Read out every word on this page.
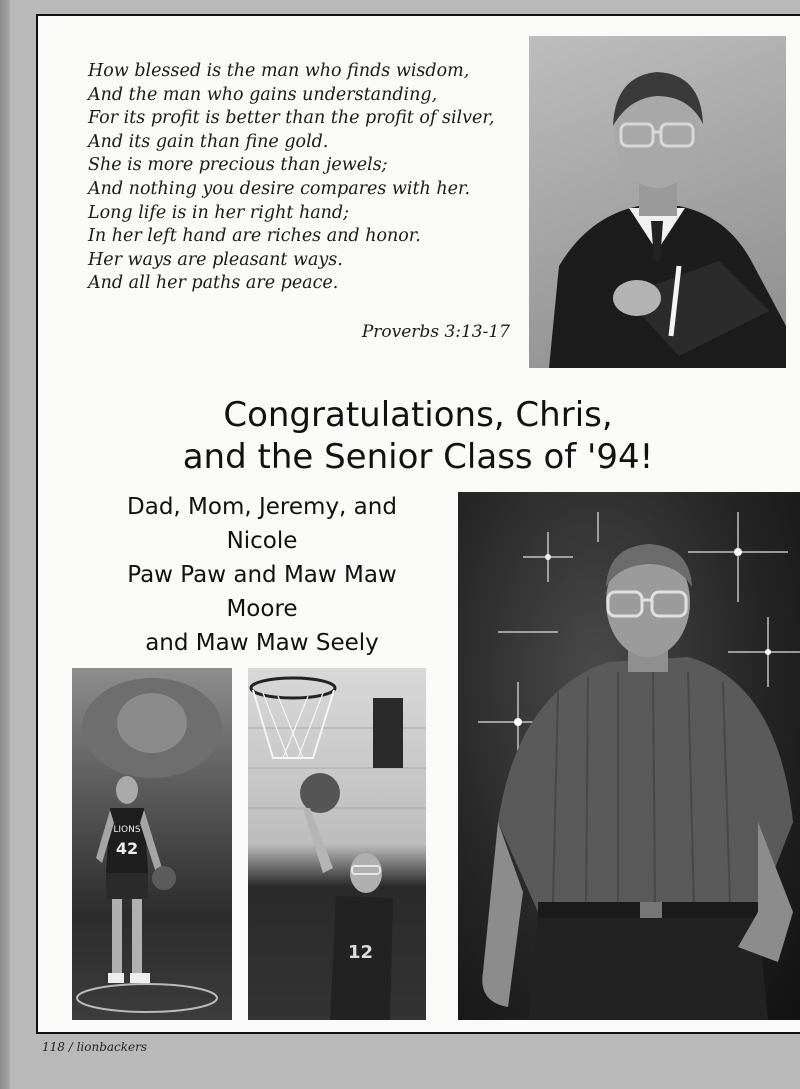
How blessed is the man who finds wisdom,
And the man who gains understanding,
For its profit is better than the profit of silver,
And its gain than fine gold.
She is more precious than jewels;
And nothing you desire compares with her.
Long life is in her right hand;
In her left hand are riches and honor.
Her ways are pleasant ways.
And all her paths are peace.
Proverbs 3:13-17
Congratulations, Chris,
and the Senior Class of '94!
Dad, Mom, Jeremy, and
Nicole
Paw Paw and Maw Maw
Moore
and Maw Maw Seely
LIONS
42
12
118 / lionbackers
